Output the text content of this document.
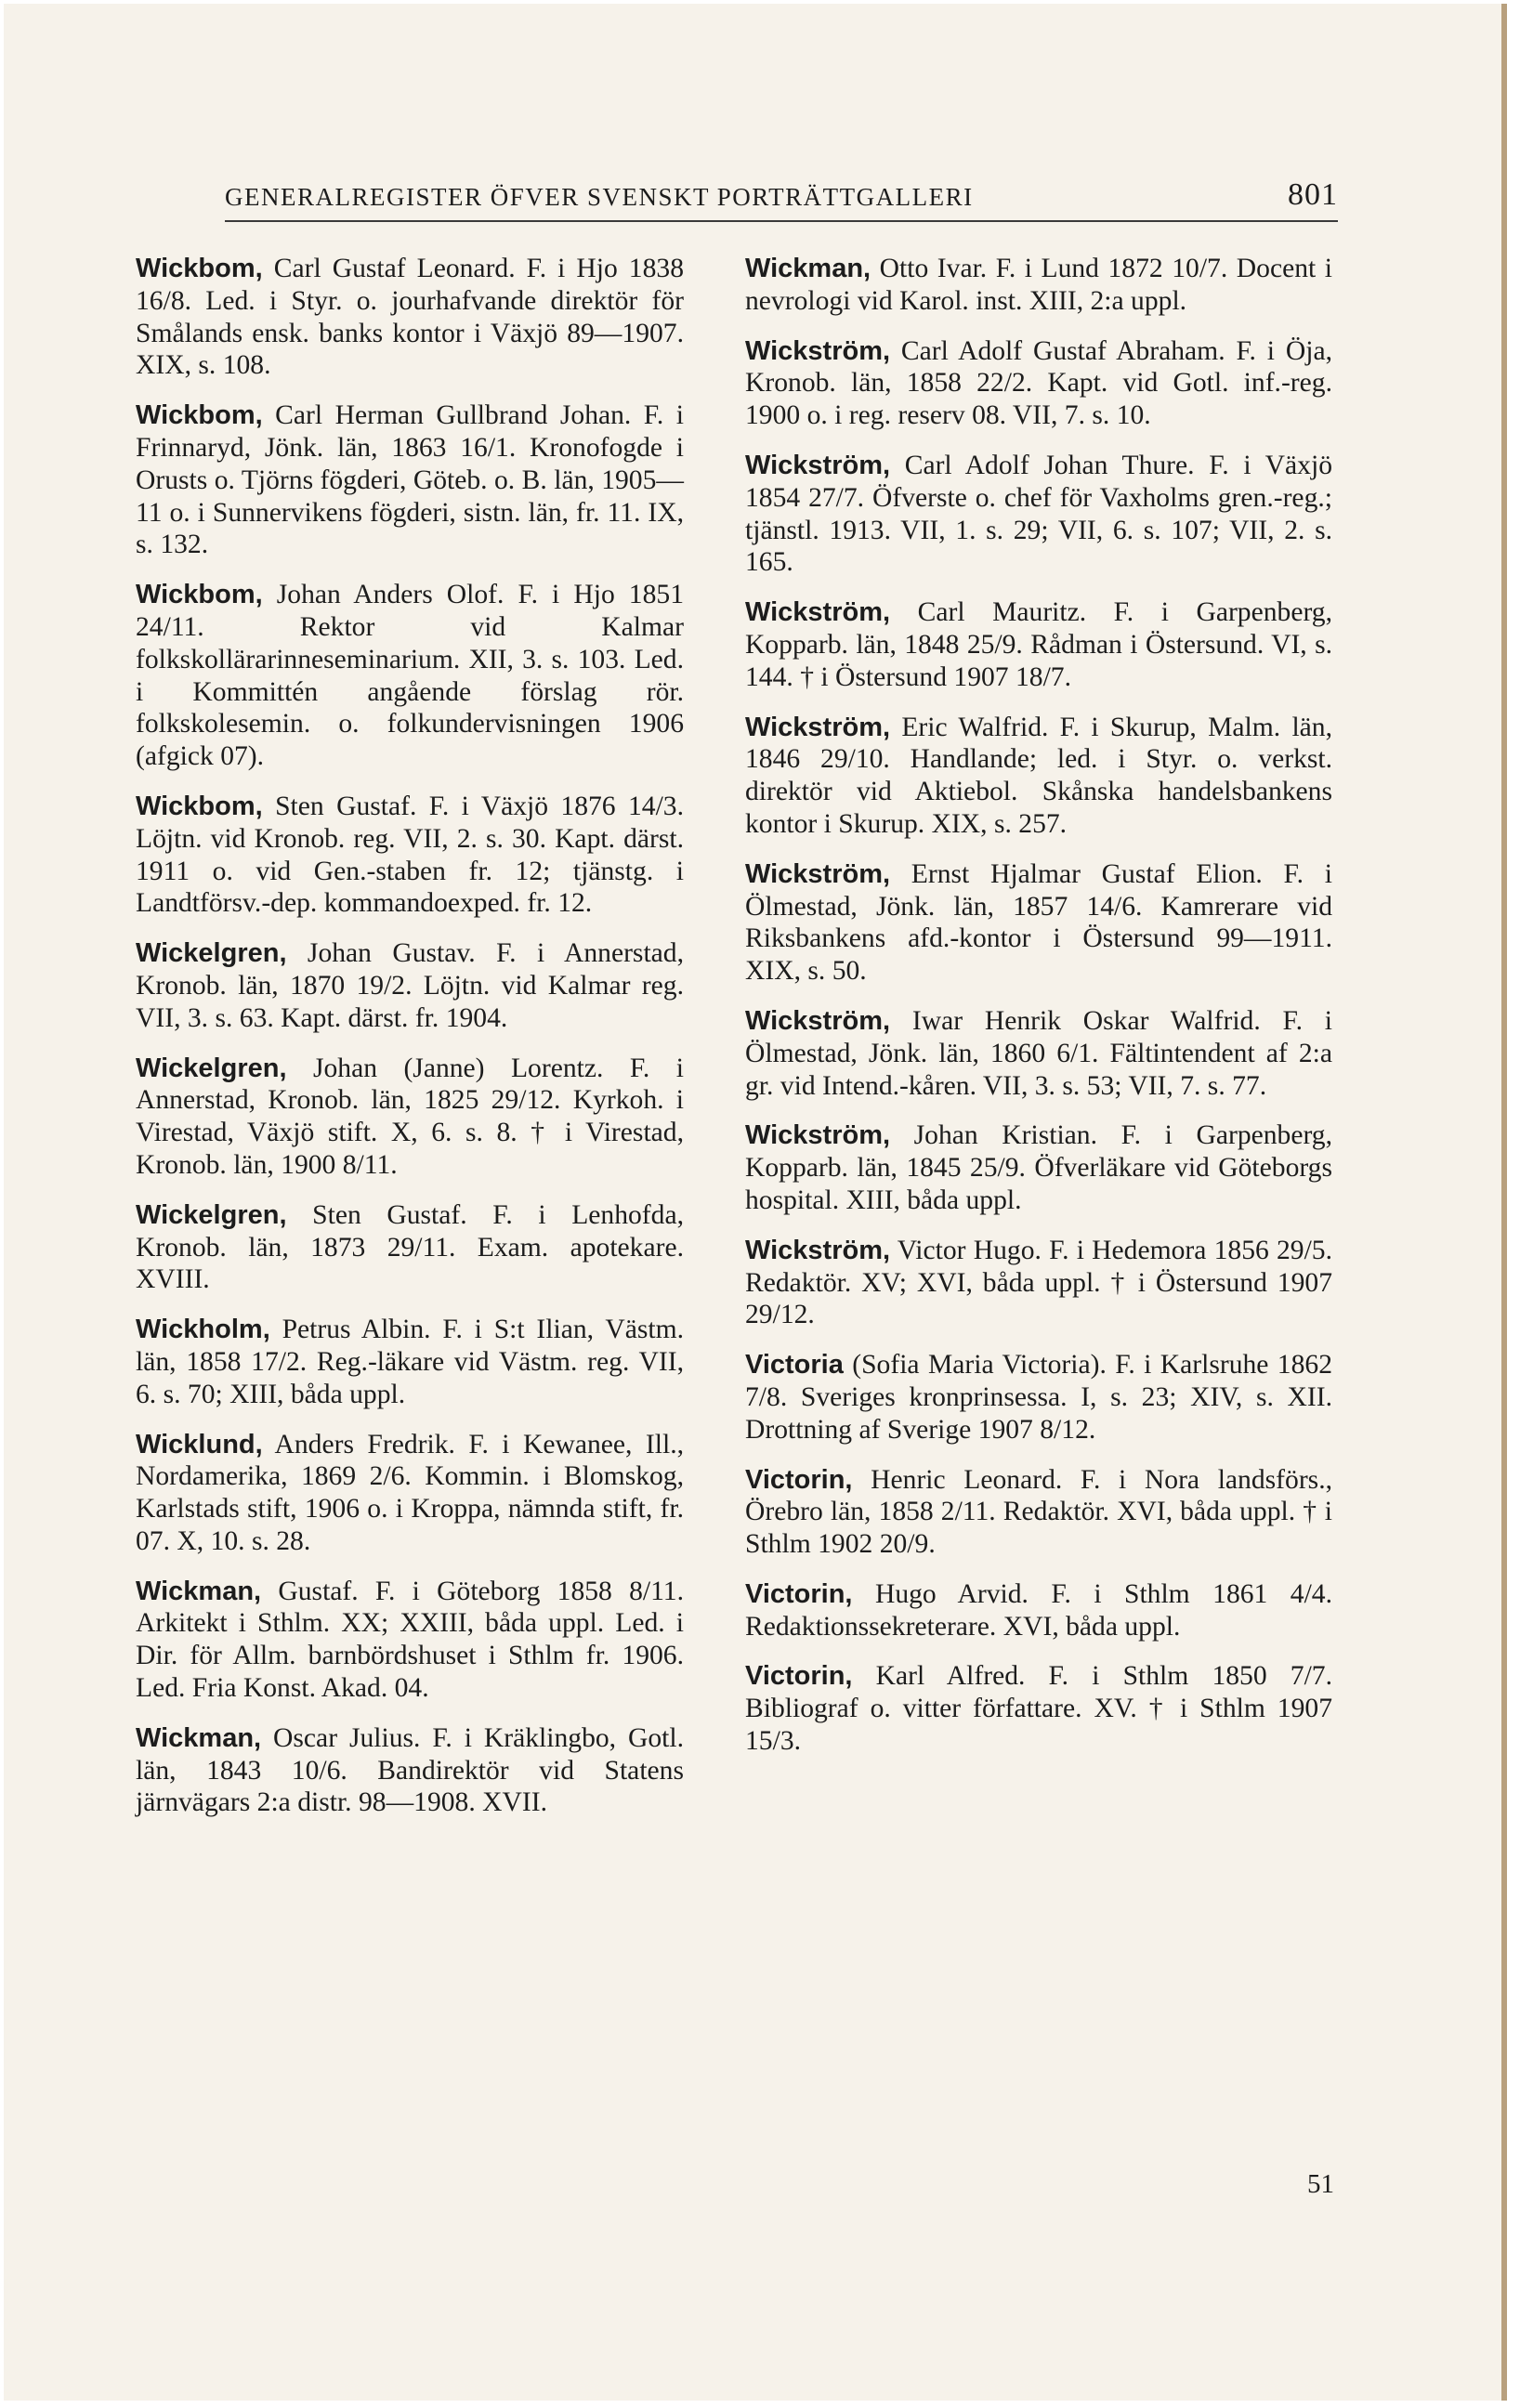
GENERALREGISTER ÖFVER SVENSKT PORTRÄTTGALLERI	801
Wickbom, Carl Gustaf Leonard. F. i Hjo 1838 16/8. Led. i Styr. o. jourhafvande direktör för Smålands ensk. banks kontor i Växjö 89—1907. XIX, s. 108.
Wickbom, Carl Herman Gullbrand Johan. F. i Frinnaryd, Jönk. län, 1863 16/1. Kronofogde i Orusts o. Tjörns fögderi, Göteb. o. B. län, 1905—11 o. i Sunnervikens fögderi, sistn. län, fr. 11. IX, s. 132.
Wickbom, Johan Anders Olof. F. i Hjo 1851 24/11. Rektor vid Kalmar folkskollärarinneseminarium. XII, 3. s. 103. Led. i Kommittén angående förslag rör. folkskolesemin. o. folkundervisningen 1906 (afgick 07).
Wickbom, Sten Gustaf. F. i Växjö 1876 14/3. Löjtn. vid Kronob. reg. VII, 2. s. 30. Kapt. därst. 1911 o. vid Gen.-staben fr. 12; tjänstg. i Landtförsv.-dep. kommandoexped. fr. 12.
Wickelgren, Johan Gustav. F. i Annerstad, Kronob. län, 1870 19/2. Löjtn. vid Kalmar reg. VII, 3. s. 63. Kapt. därst. fr. 1904.
Wickelgren, Johan (Janne) Lorentz. F. i Annerstad, Kronob. län, 1825 29/12. Kyrkoh. i Virestad, Växjö stift. X, 6. s. 8. † i Virestad, Kronob. län, 1900 8/11.
Wickelgren, Sten Gustaf. F. i Lenhofda, Kronob. län, 1873 29/11. Exam. apotekare. XVIII.
Wickholm, Petrus Albin. F. i S:t Ilian, Västm. län, 1858 17/2. Reg.-läkare vid Västm. reg. VII, 6. s. 70; XIII, båda uppl.
Wicklund, Anders Fredrik. F. i Kewanee, Ill., Nordamerika, 1869 2/6. Kommin. i Blomskog, Karlstads stift, 1906 o. i Kroppa, nämnda stift, fr. 07. X, 10. s. 28.
Wickman, Gustaf. F. i Göteborg 1858 8/11. Arkitekt i Sthlm. XX; XXIII, båda uppl. Led. i Dir. för Allm. barnbördshuset i Sthlm fr. 1906. Led. Fria Konst. Akad. 04.
Wickman, Oscar Julius. F. i Kräklingbo, Gotl. län, 1843 10/6. Bandirektör vid Statens järnvägars 2:a distr. 98—1908. XVII.
Wickman, Otto Ivar. F. i Lund 1872 10/7. Docent i nevrologi vid Karol. inst. XIII, 2:a uppl.
Wickström, Carl Adolf Gustaf Abraham. F. i Öja, Kronob. län, 1858 22/2. Kapt. vid Gotl. inf.-reg. 1900 o. i reg. reserv 08. VII, 7. s. 10.
Wickström, Carl Adolf Johan Thure. F. i Växjö 1854 27/7. Öfverste o. chef för Vaxholms gren.-reg.; tjänstl. 1913. VII, 1. s. 29; VII, 6. s. 107; VII, 2. s. 165.
Wickström, Carl Mauritz. F. i Garpenberg, Kopparb. län, 1848 25/9. Rådman i Östersund. VI, s. 144. † i Östersund 1907 18/7.
Wickström, Eric Walfrid. F. i Skurup, Malm. län, 1846 29/10. Handlande; led. i Styr. o. verkst. direktör vid Aktiebol. Skånska handelsbankens kontor i Skurup. XIX, s. 257.
Wickström, Ernst Hjalmar Gustaf Elion. F. i Ölmestad, Jönk. län, 1857 14/6. Kamrerare vid Riksbankens afd.-kontor i Östersund 99—1911. XIX, s. 50.
Wickström, Iwar Henrik Oskar Walfrid. F. i Ölmestad, Jönk. län, 1860 6/1. Fältintendent af 2:a gr. vid Intend.-kåren. VII, 3. s. 53; VII, 7. s. 77.
Wickström, Johan Kristian. F. i Garpenberg, Kopparb. län, 1845 25/9. Öfverläkare vid Göteborgs hospital. XIII, båda uppl.
Wickström, Victor Hugo. F. i Hedemora 1856 29/5. Redaktör. XV; XVI, båda uppl. † i Östersund 1907 29/12.
Victoria (Sofia Maria Victoria). F. i Karlsruhe 1862 7/8. Sveriges kronprinsessa. I, s. 23; XIV, s. XII. Drottning af Sverige 1907 8/12.
Victorin, Henric Leonard. F. i Nora landsförs., Örebro län, 1858 2/11. Redaktör. XVI, båda uppl. † i Sthlm 1902 20/9.
Victorin, Hugo Arvid. F. i Sthlm 1861 4/4. Redaktionssekreterare. XVI, båda uppl.
Victorin, Karl Alfred. F. i Sthlm 1850 7/7. Bibliograf o. vitter författare. XV. † i Sthlm 1907 15/3.
51
